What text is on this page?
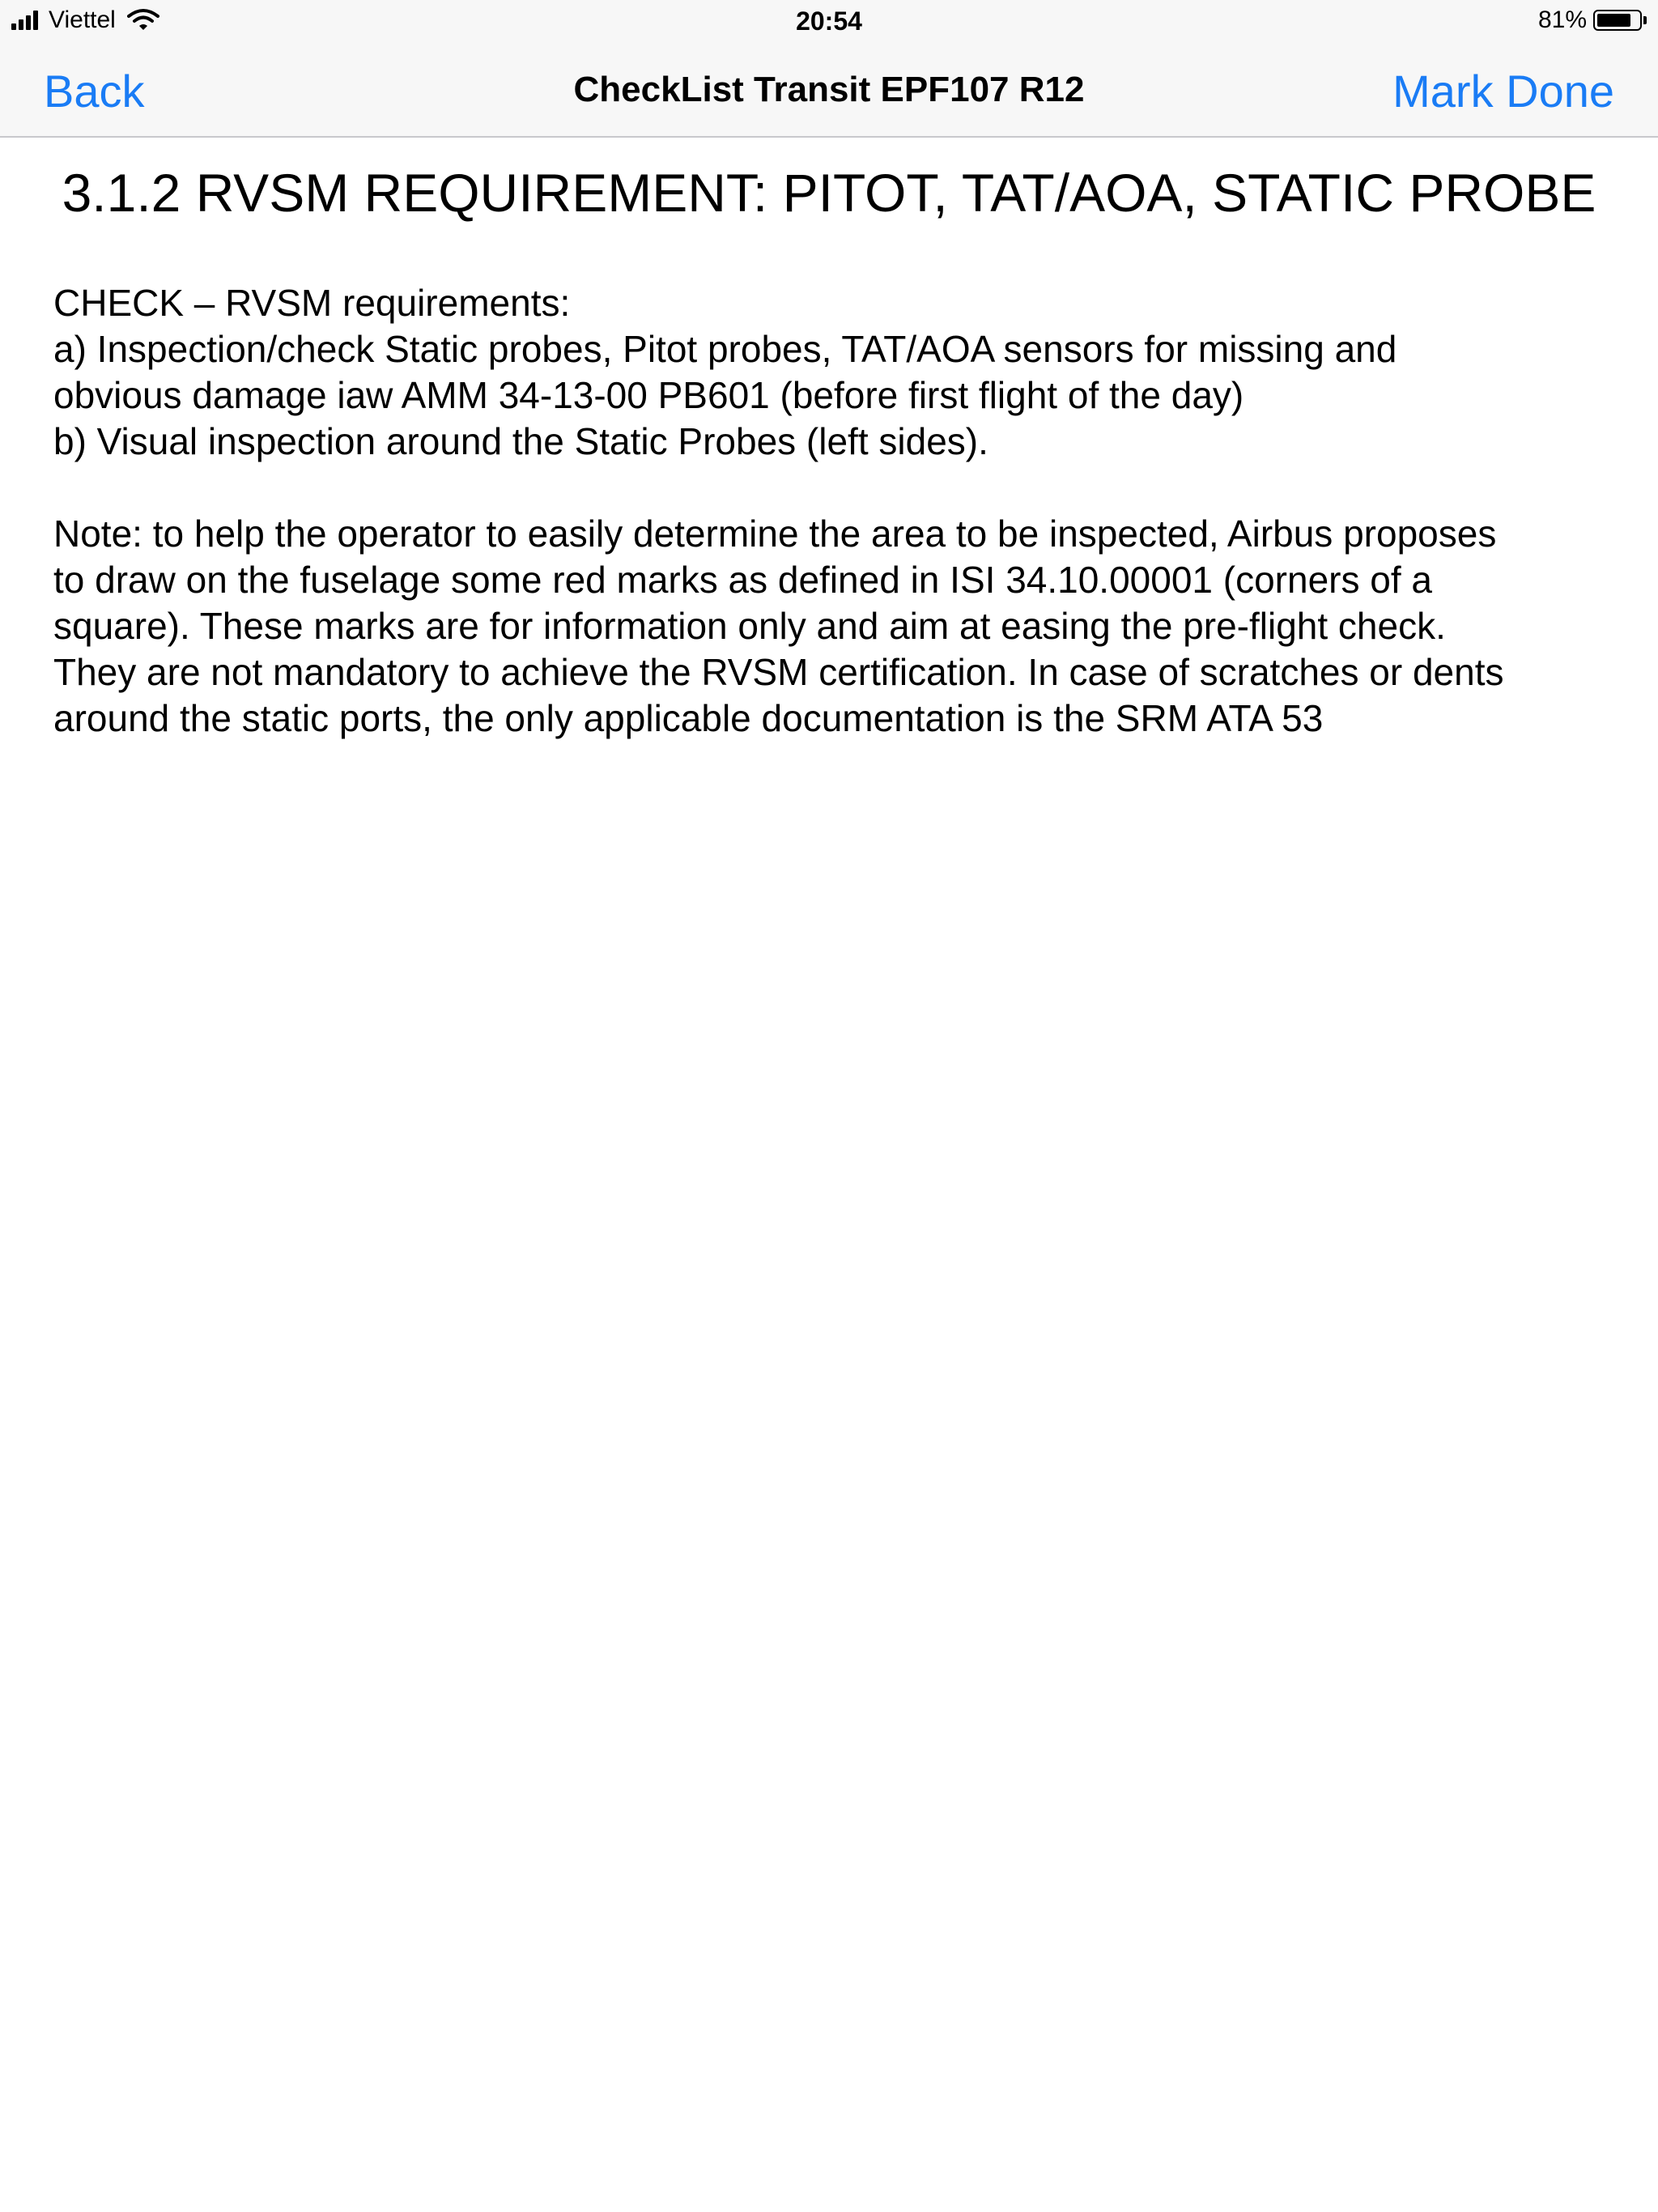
Viettel	20:54	81%
Back	CheckList Transit EPF107 R12	Mark Done
3.1.2 RVSM REQUIREMENT: PITOT, TAT/AOA, STATIC PROBE

CHECK – RVSM requirements:

a) Inspection/check Static probes, Pitot probes, TAT/AOA sensors for missing and

obvious damage iaw AMM 34-13-00 PB601 (before first flight of the day)

b) Visual inspection around the Static Probes (left sides).

Note: to help the operator to easily determine the area to be inspected, Airbus proposes

to draw on the fuselage some red marks as defined in ISI 34.10.00001 (corners of a

square). These marks are for information only and aim at easing the pre-flight check.

They are not mandatory to achieve the RVSM certification. In case of scratches or dents

around the static ports, the only applicable documentation is the SRM ATA 53
